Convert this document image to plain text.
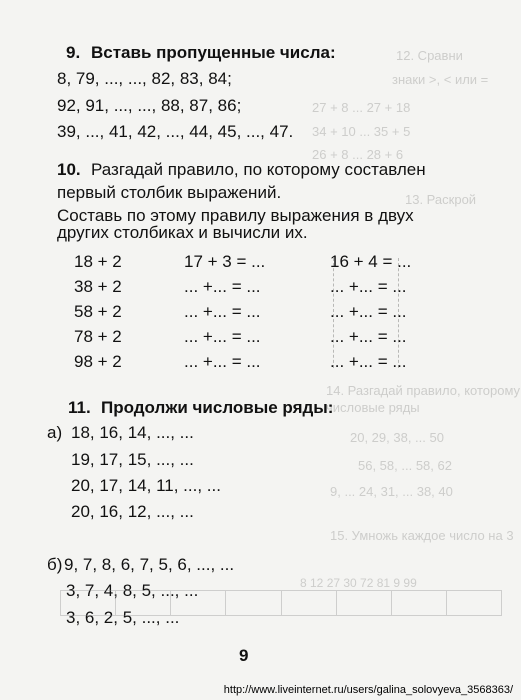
12. Сравни
знаки >, < или =
27 + 8 ... 27 + 18
34 + 10 ... 35 + 5
26 + 8 ... 28 + 6
13. Раскрой
14. Разгадай правило, которому
числовые ряды
20, 29, 38, ... 50
56, 58, ... 58, 62
9, ... 24, 31, ... 38, 40
15. Умножь каждое число на 3
8 12 27 30 72 81 9 99
9. Вставь пропущенные числа:
8, 79, ..., ..., 82, 83, 84;
92, 91, ..., ..., 88, 87, 86;
39, ..., 41, 42, ..., 44, 45, ..., 47.
10. Разгадай правило, по которому составлен
первый столбик выражений.
Составь по этому правилу выражения в двух
других столбиках и вычисли их.
18 + 2
38 + 2
58 + 2
78 + 2
98 + 2
17 + 3 = ...
... +... = ...
... +... = ...
... +... = ...
... +... = ...
16 + 4 = ...
... +... = ...
... +... = ...
... +... = ...
... +... = ...
11. Продолжи числовые ряды:
а) 18, 16, 14, ..., ...
19, 17, 15, ..., ...
20, 17, 14, 11, ..., ...
20, 16, 12, ..., ...
б) 9, 7, 8, 6, 7, 5, 6, ..., ...
3, 7, 4, 8, 5, ..., ...
3, 6, 2, 5, ..., ...
9
http://www.liveinternet.ru/users/galina_solovyeva_3568363/
